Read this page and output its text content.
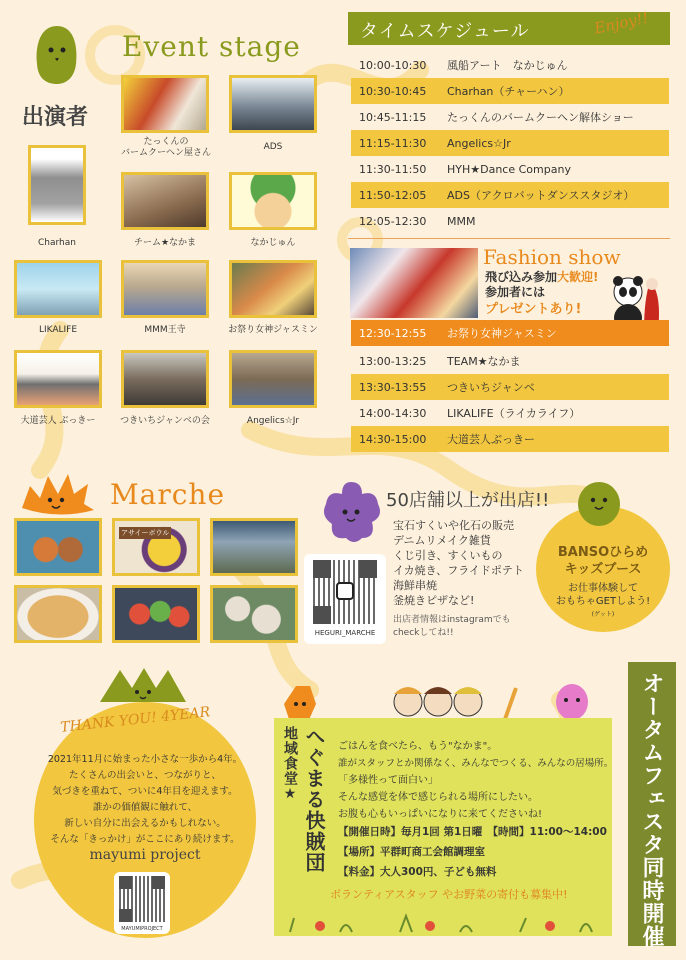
Event stage
出演者
たっくんの
バームクーヘン屋さん
ADS
Charhan	チーム★なかま	なかじゅん
LIKALIFE	MMM王寺	お祭り女神ジャスミン
大道芸人 ぶっきー	つきいちジャンベの会	Angelics☆Jr
タイムスケジュール	Enjoy!!
10:00-10:30	風船アート　なかじゅん
10:30-10:45	Charhan（チャーハン）
10:45-11:15	たっくんのバームクーヘン解体ショー
11:15-11:30	Angelics☆Jr
11:30-11:50	HYH★Dance Company
11:50-12:05	ADS（アクロバットダンススタジオ）
12:05-12:30	MMM
Fashion show
飛び込み参加大歓迎!
参加者には
プレゼントあり!
12:30-12:55	お祭り女神ジャスミン
13:00-13:25	TEAM★なかま
13:30-13:55	つきいちジャンベ
14:00-14:30	LIKALIFE（ライカライフ）
14:30-15:00	大道芸人ぶっきー
Marche
アサイーボウル
50店舗以上が出店!!
宝石すくいや化石の販売
デニムリメイク雑貨
くじ引き、すくいもの
イカ焼き、フライドポテト
海鮮串焼
釜焼きピザなど!
出店者情報はinstagramでも
checkしてね!!
HEGURI_MARCHE
BANSOひらめ
キッズブース
お仕事体験して
おもちゃGETしよう!
(ゲット)
THANK YOU! 4YEAR
2021年11月に始まった小さな一歩から4年。
たくさんの出会いと、つながりと、
気づきを重ねて、ついに4年目を迎えます。
誰かの価値観に触れて、
新しい自分に出会えるかもしれない。
そんな「きっかけ」がここにあり続けます。
mayumi project
MAYUMIPROJECT
地域食堂★ へぐまる快賊団	ごはんを食べたら、もう"なかま"。
誰がスタッフとか関係なく、みんなでつくる、みんなの居場所。
「多様性って面白い」
そんな感覚を体で感じられる場所にしたい。
お腹も心もいっぱいになりに来てくださいね!
【開催日時】毎月1回 第1日曜　 【時間】11:00～14:00
【場所】平群町商工会館調理室
【料金】大人300円、子ども無料
ボランティアスタッフ やお野菜の寄付も募集中!	オータムフェスタ同時開催
